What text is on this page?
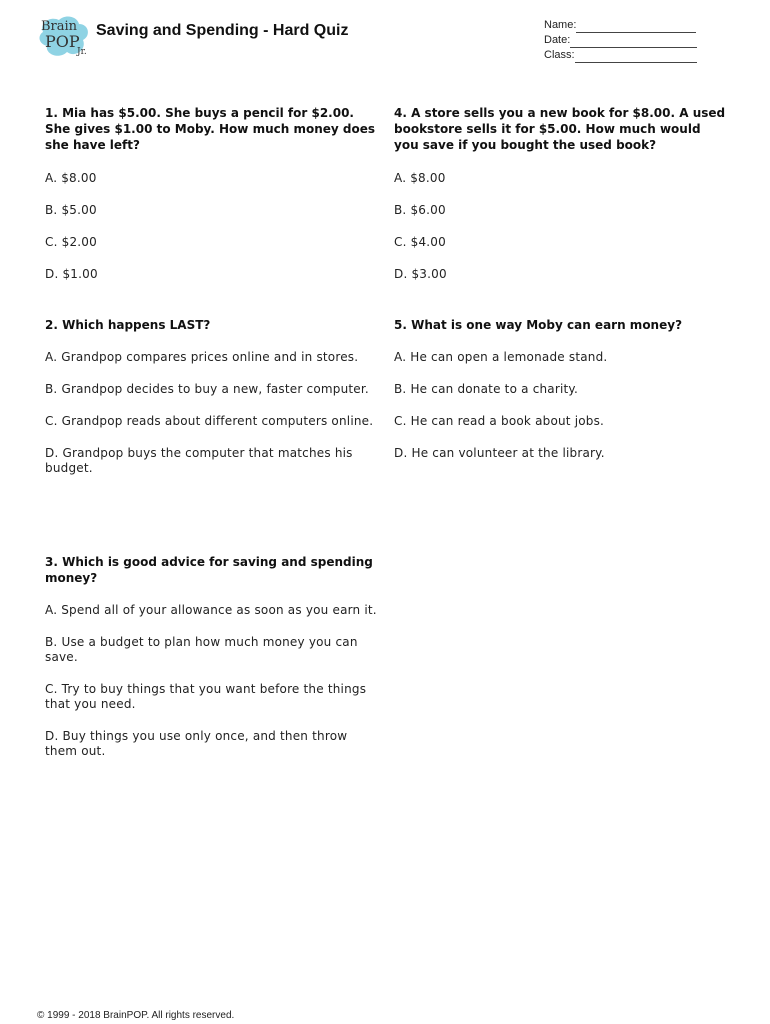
Brain
POP
Jr.
Saving and Spending - Hard Quiz	Name:
Date:
Class:

1. Mia has $5.00. She buys a pencil for $2.00. She gives $1.00 to Moby. How much money does she have left?

A. $8.00

B. $5.00

C. $2.00

D. $1.00

2. Which happens LAST?

A. Grandpop compares prices online and in stores.

B. Grandpop decides to buy a new, faster computer.

C. Grandpop reads about different computers online.

D. Grandpop buys the computer that matches his budget.

3. Which is good advice for saving and spending money?

A. Spend all of your allowance as soon as you earn it.

B. Use a budget to plan how much money you can save.

C. Try to buy things that you want before the things that you need.

D. Buy things you use only once, and then throw them out.

4. A store sells you a new book for $8.00. A used bookstore sells it for $5.00. How much would you save if you bought the used book?

A. $8.00

B. $6.00

C. $4.00

D. $3.00

5. What is one way Moby can earn money?

A. He can open a lemonade stand.

B. He can donate to a charity.

C. He can read a book about jobs.

D. He can volunteer at the library.

© 1999 - 2018 BrainPOP. All rights reserved.
